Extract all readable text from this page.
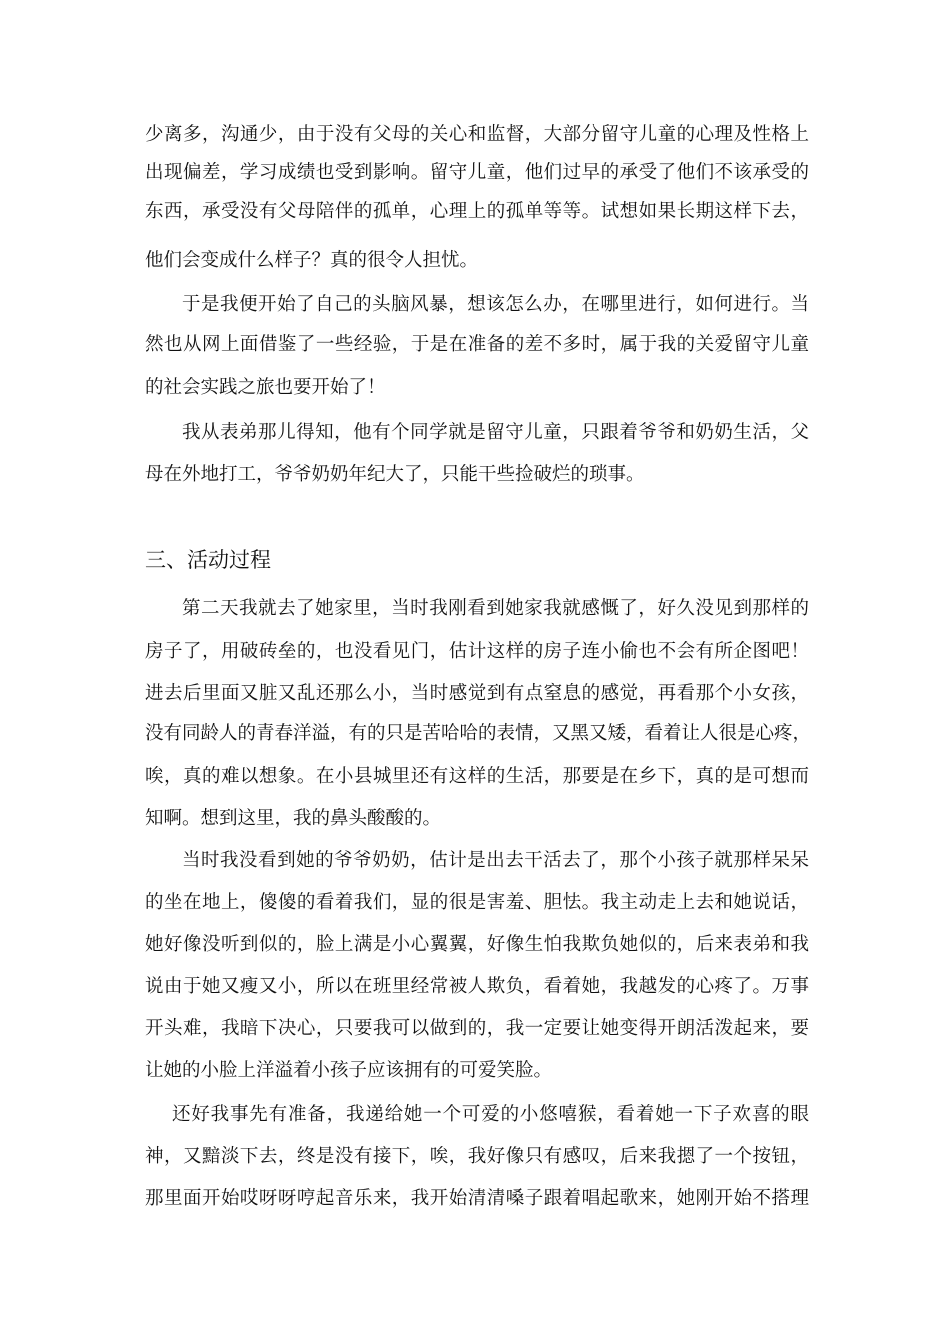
少离多，沟通少，由于没有父母的关心和监督，大部分留守儿童的心理及性格上
出现偏差，学习成绩也受到影响。留守儿童，他们过早的承受了他们不该承受的
东西，承受没有父母陪伴的孤单，心理上的孤单等等。试想如果长期这样下去，
他们会变成什么样子？真的很令人担忧。
于是我便开始了自己的头脑风暴，想该怎么办，在哪里进行，如何进行。当
然也从网上面借鉴了一些经验，于是在准备的差不多时，属于我的关爱留守儿童
的社会实践之旅也要开始了！
我从表弟那儿得知，他有个同学就是留守儿童，只跟着爷爷和奶奶生活，父
母在外地打工，爷爷奶奶年纪大了，只能干些捡破烂的琐事。
三、活动过程
第二天我就去了她家里，当时我刚看到她家我就感慨了，好久没见到那样的
房子了，用破砖垒的，也没看见门，估计这样的房子连小偷也不会有所企图吧！
进去后里面又脏又乱还那么小，当时感觉到有点窒息的感觉，再看那个小女孩，
没有同龄人的青春洋溢，有的只是苦哈哈的表情，又黑又矮，看着让人很是心疼，
唉，真的难以想象。在小县城里还有这样的生活，那要是在乡下，真的是可想而
知啊。想到这里，我的鼻头酸酸的。
当时我没看到她的爷爷奶奶，估计是出去干活去了，那个小孩子就那样呆呆
的坐在地上，傻傻的看着我们，显的很是害羞、胆怯。我主动走上去和她说话，
她好像没听到似的，脸上满是小心翼翼，好像生怕我欺负她似的，后来表弟和我
说由于她又瘦又小，所以在班里经常被人欺负，看着她，我越发的心疼了。万事
开头难，我暗下决心，只要我可以做到的，我一定要让她变得开朗活泼起来，要
让她的小脸上洋溢着小孩子应该拥有的可爱笑脸。
还好我事先有准备，我递给她一个可爱的小悠嘻猴，看着她一下子欢喜的眼
神，又黯淡下去，终是没有接下，唉，我好像只有感叹，后来我摁了一个按钮，
那里面开始哎呀呀哼起音乐来，我开始清清嗓子跟着唱起歌来，她刚开始不搭理
